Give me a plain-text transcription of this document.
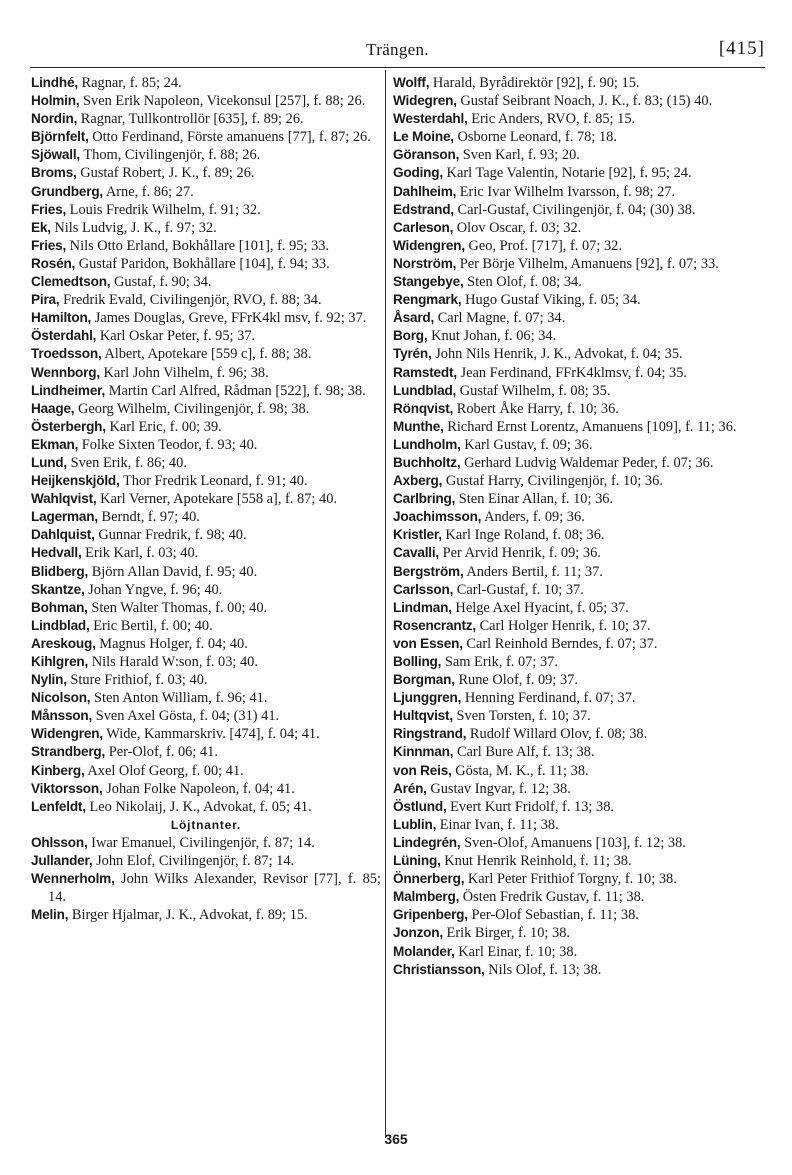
Trängen.	[415]

Lindhé, Ragnar, f. 85; 24.

Holmin, Sven Erik Napoleon, Vicekonsul [257], f. 88; 26.

Nordin, Ragnar, Tullkontrollör [635], f. 89; 26.

Björnfelt, Otto Ferdinand, Förste amanuens [77], f. 87; 26.

Sjöwall, Thom, Civilingenjör, f. 88; 26.

Broms, Gustaf Robert, J. K., f. 89; 26.

Grundberg, Arne, f. 86; 27.

Fries, Louis Fredrik Wilhelm, f. 91; 32.

Ek, Nils Ludvig, J. K., f. 97; 32.

Fries, Nils Otto Erland, Bokhållare [101], f. 95; 33.

Rosén, Gustaf Paridon, Bokhållare [104], f. 94; 33.

Clemedtson, Gustaf, f. 90; 34.

Pira, Fredrik Evald, Civilingenjör, RVO, f. 88; 34.

Hamilton, James Douglas, Greve, FFrK4kl msv, f. 92; 37.

Österdahl, Karl Oskar Peter, f. 95; 37.

Troedsson, Albert, Apotekare [559 c], f. 88; 38.

Wennborg, Karl John Vilhelm, f. 96; 38.

Lindheimer, Martin Carl Alfred, Rådman [522], f. 98; 38.

Haage, Georg Wilhelm, Civilingenjör, f. 98; 38.

Österbergh, Karl Eric, f. 00; 39.

Ekman, Folke Sixten Teodor, f. 93; 40.

Lund, Sven Erik, f. 86; 40.

Heijkenskjöld, Thor Fredrik Leonard, f. 91; 40.

Wahlqvist, Karl Verner, Apotekare [558 a], f. 87; 40.

Lagerman, Berndt, f. 97; 40.

Dahlquist, Gunnar Fredrik, f. 98; 40.

Hedvall, Erik Karl, f. 03; 40.

Blidberg, Björn Allan David, f. 95; 40.

Skantze, Johan Yngve, f. 96; 40.

Bohman, Sten Walter Thomas, f. 00; 40.

Lindblad, Eric Bertil, f. 00; 40.

Areskoug, Magnus Holger, f. 04; 40.

Kihlgren, Nils Harald W:son, f. 03; 40.

Nylin, Sture Frithiof, f. 03; 40.

Nicolson, Sten Anton William, f. 96; 41.

Månsson, Sven Axel Gösta, f. 04; (31) 41.

Widengren, Wide, Kammarskriv. [474], f. 04; 41.

Strandberg, Per-Olof, f. 06; 41.

Kinberg, Axel Olof Georg, f. 00; 41.

Viktorsson, Johan Folke Napoleon, f. 04; 41.

Lenfeldt, Leo Nikolaij, J. K., Advokat, f. 05; 41.

Löjtnanter.

Ohlsson, Iwar Emanuel, Civilingenjör, f. 87; 14.

Jullander, John Elof, Civilingenjör, f. 87; 14.

Wennerholm, John Wilks Alexander, Revisor [77], f. 85; 14.

Melin, Birger Hjalmar, J. K., Advokat, f. 89; 15.

Wolff, Harald, Byrådirektör [92], f. 90; 15.

Widegren, Gustaf Seibrant Noach, J. K., f. 83; (15) 40.

Westerdahl, Eric Anders, RVO, f. 85; 15.

Le Moine, Osborne Leonard, f. 78; 18.

Göranson, Sven Karl, f. 93; 20.

Goding, Karl Tage Valentin, Notarie [92], f. 95; 24.

Dahlheim, Eric Ivar Wilhelm Ivarsson, f. 98; 27.

Edstrand, Carl-Gustaf, Civilingenjör, f. 04; (30) 38.

Carleson, Olov Oscar, f. 03; 32.

Widengren, Geo, Prof. [717], f. 07; 32.

Norström, Per Börje Vilhelm, Amanuens [92], f. 07; 33.

Stangebye, Sten Olof, f. 08; 34.

Rengmark, Hugo Gustaf Viking, f. 05; 34.

Åsard, Carl Magne, f. 07; 34.

Borg, Knut Johan, f. 06; 34.

Tyrén, John Nils Henrik, J. K., Advokat, f. 04; 35.

Ramstedt, Jean Ferdinand, FFrK4klmsv, f. 04; 35.

Lundblad, Gustaf Wilhelm, f. 08; 35.

Rönqvist, Robert Åke Harry, f. 10; 36.

Munthe, Richard Ernst Lorentz, Amanuens [109], f. 11; 36.

Lundholm, Karl Gustav, f. 09; 36.

Buchholtz, Gerhard Ludvig Waldemar Peder, f. 07; 36.

Axberg, Gustaf Harry, Civilingenjör, f. 10; 36.

Carlbring, Sten Einar Allan, f. 10; 36.

Joachimsson, Anders, f. 09; 36.

Kristler, Karl Inge Roland, f. 08; 36.

Cavalli, Per Arvid Henrik, f. 09; 36.

Bergström, Anders Bertil, f. 11; 37.

Carlsson, Carl-Gustaf, f. 10; 37.

Lindman, Helge Axel Hyacint, f. 05; 37.

Rosencrantz, Carl Holger Henrik, f. 10; 37.

von Essen, Carl Reinhold Berndes, f. 07; 37.

Bolling, Sam Erik, f. 07; 37.

Borgman, Rune Olof, f. 09; 37.

Ljunggren, Henning Ferdinand, f. 07; 37.

Hultqvist, Sven Torsten, f. 10; 37.

Ringstrand, Rudolf Willard Olov, f. 08; 38.

Kinnman, Carl Bure Alf, f. 13; 38.

von Reis, Gösta, M. K., f. 11; 38.

Arén, Gustav Ingvar, f. 12; 38.

Östlund, Evert Kurt Fridolf, f. 13; 38.

Lublin, Einar Ivan, f. 11; 38.

Lindegrén, Sven-Olof, Amanuens [103], f. 12; 38.

Lüning, Knut Henrik Reinhold, f. 11; 38.

Önnerberg, Karl Peter Frithiof Torgny, f. 10; 38.

Malmberg, Östen Fredrik Gustav, f. 11; 38.

Gripenberg, Per-Olof Sebastian, f. 11; 38.

Jonzon, Erik Birger, f. 10; 38.

Molander, Karl Einar, f. 10; 38.

Christiansson, Nils Olof, f. 13; 38.

365
